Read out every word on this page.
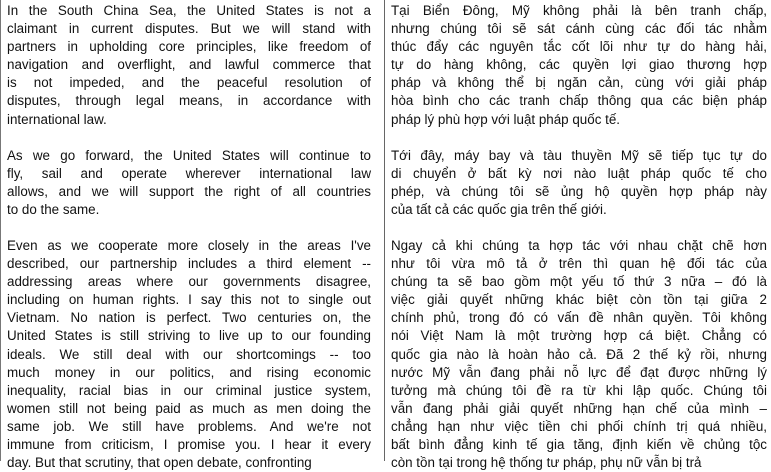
In the South China Sea, the United States is not a
claimant in current disputes. But we will stand with
partners in upholding core principles, like freedom of
navigation and overflight, and lawful commerce that
is not impeded, and the peaceful resolution of
disputes, through legal means, in accordance with
international law.
As we go forward, the United States will continue to
fly, sail and operate wherever international law
allows, and we will support the right of all countries
to do the same.
Even as we cooperate more closely in the areas I've
described, our partnership includes a third element --
addressing areas where our governments disagree,
including on human rights. I say this not to single out
Vietnam. No nation is perfect. Two centuries on, the
United States is still striving to live up to our founding
ideals. We still deal with our shortcomings -- too
much money in our politics, and rising economic
inequality, racial bias in our criminal justice system,
women still not being paid as much as men doing the
same job. We still have problems. And we're not
immune from criticism, I promise you. I hear it every
day. But that scrutiny, that open debate, confronting
Tại Biển Đông, Mỹ không phải là bên tranh chấp,
nhưng chúng tôi sẽ sát cánh cùng các đối tác nhằm
thúc đẩy các nguyên tắc cốt lõi như tự do hàng hải,
tự do hàng không, các quyền lợi giao thương hợp
pháp và không thể bị ngăn cản, cùng với giải pháp
hòa bình cho các tranh chấp thông qua các biện pháp
pháp lý phù hợp với luật pháp quốc tế.
Tới đây, máy bay và tàu thuyền Mỹ sẽ tiếp tục tự do
di chuyển ở bất kỳ nơi nào luật pháp quốc tế cho
phép, và chúng tôi sẽ ủng hộ quyền hợp pháp này
của tất cả các quốc gia trên thế giới.
Ngay cả khi chúng ta hợp tác với nhau chặt chẽ hơn
như tôi vừa mô tả ở trên thì quan hệ đối tác của
chúng ta sẽ bao gồm một yếu tố thứ 3 nữa – đó là
việc giải quyết những khác biệt còn tồn tại giữa 2
chính phủ, trong đó có vấn đề nhân quyền. Tôi không
nói Việt Nam là một trường hợp cá biệt. Chẳng có
quốc gia nào là hoàn hảo cả. Đã 2 thế kỷ rồi, nhưng
nước Mỹ vẫn đang phải nỗ lực để đạt được những lý
tưởng mà chúng tôi đề ra từ khi lập quốc. Chúng tôi
vẫn đang phải giải quyết những hạn chế của mình –
chẳng hạn như việc tiền chi phối chính trị quá nhiều,
bất bình đẳng kinh tế gia tăng, định kiến về chủng tộc
còn tồn tại trong hệ thống tư pháp, phụ nữ vẫn bị trả
